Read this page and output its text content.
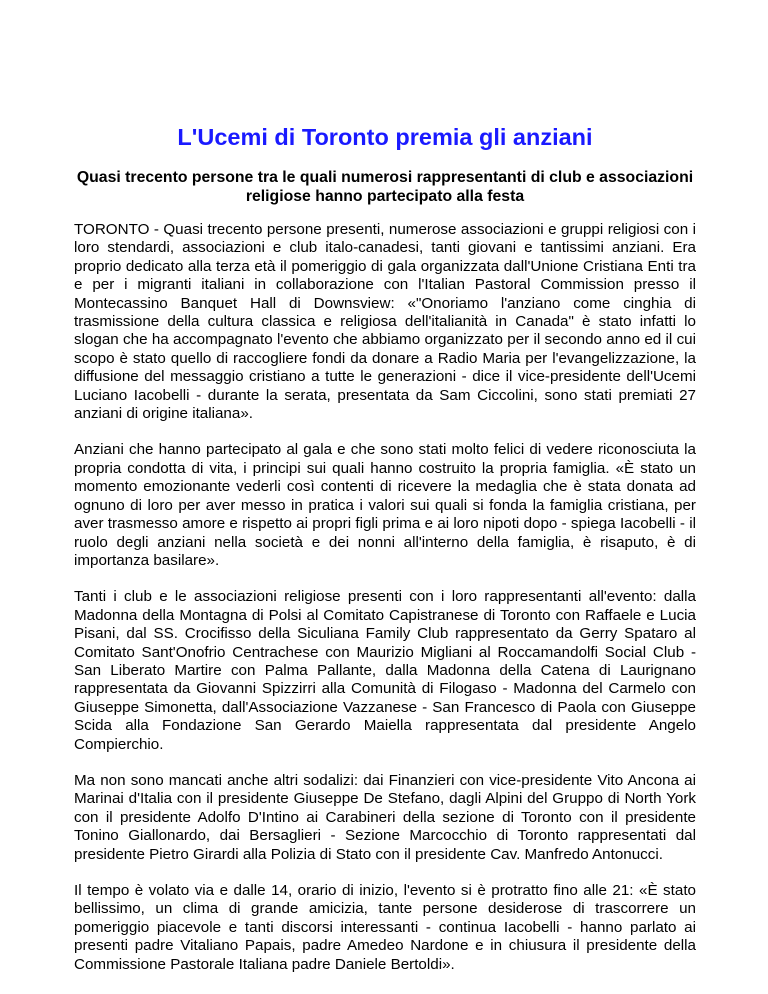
L'Ucemi di Toronto premia gli anziani
Quasi trecento persone tra le quali numerosi rappresentanti di club e associazioni religiose hanno partecipato alla festa

TORONTO - Quasi trecento persone presenti, numerose associazioni e gruppi religiosi con i loro stendardi, associazioni e club italo-canadesi, tanti giovani e tantissimi anziani. Era proprio dedicato alla terza età il pomeriggio di gala organizzata dall'Unione Cristiana Enti tra e per i migranti italiani in collaborazione con l'Italian Pastoral Commission presso il Montecassino Banquet Hall di Downsview: «"Onoriamo l'anziano come cinghia di trasmissione della cultura classica e religiosa dell'italianità in Canada" è stato infatti lo slogan che ha accompagnato l'evento che abbiamo organizzato per il secondo anno ed il cui scopo è stato quello di raccogliere fondi da donare a Radio Maria per l'evangelizzazione, la diffusione del messaggio cristiano a tutte le generazioni - dice il vice-presidente dell'Ucemi Luciano Iacobelli - durante la serata, presentata da Sam Ciccolini, sono stati premiati 27 anziani di origine italiana».

Anziani che hanno partecipato al gala e che sono stati molto felici di vedere riconosciuta la propria condotta di vita, i principi sui quali hanno costruito la propria famiglia. «È stato un momento emozionante vederli così contenti di ricevere la medaglia che è stata donata ad ognuno di loro per aver messo in pratica i valori sui quali si fonda la famiglia cristiana, per aver trasmesso amore e rispetto ai propri figli prima e ai loro nipoti dopo - spiega Iacobelli - il ruolo degli anziani nella società e dei nonni all'interno della famiglia, è risaputo, è di importanza basilare».

Tanti i club e le associazioni religiose presenti con i loro rappresentanti all'evento: dalla Madonna della Montagna di Polsi al Comitato Capistranese di Toronto con Raffaele e Lucia Pisani, dal SS. Crocifisso della Siculiana Family Club rappresentato da Gerry Spataro al Comitato Sant'Onofrio Centrachese con Maurizio Migliani al Roccamandolfi Social Club - San Liberato Martire con Palma Pallante, dalla Madonna della Catena di Laurignano rappresentata da Giovanni Spizzirri alla Comunità di Filogaso - Madonna del Carmelo con Giuseppe Simonetta, dall'Associazione Vazzanese - San Francesco di Paola con Giuseppe Scida alla Fondazione San Gerardo Maiella rappresentata dal presidente Angelo Compierchio.

Ma non sono mancati anche altri sodalizi: dai Finanzieri con vice-presidente Vito Ancona ai Marinai d'Italia con il presidente Giuseppe De Stefano, dagli Alpini del Gruppo di North York con il presidente Adolfo D'Intino ai Carabineri della sezione di Toronto con il presidente Tonino Giallonardo, dai Bersaglieri - Sezione Marcocchio di Toronto rappresentati dal presidente Pietro Girardi alla Polizia di Stato con il presidente Cav. Manfredo Antonucci.

Il tempo è volato via e dalle 14, orario di inizio, l'evento si è protratto fino alle 21: «È stato bellissimo, un clima di grande amicizia, tante persone desiderose di trascorrere un pomeriggio piacevole e tanti discorsi interessanti - continua Iacobelli - hanno parlato ai presenti padre Vitaliano Papais, padre Amedeo Nardone e in chiusura il presidente della Commissione Pastorale Italiana padre Daniele Bertoldi».
